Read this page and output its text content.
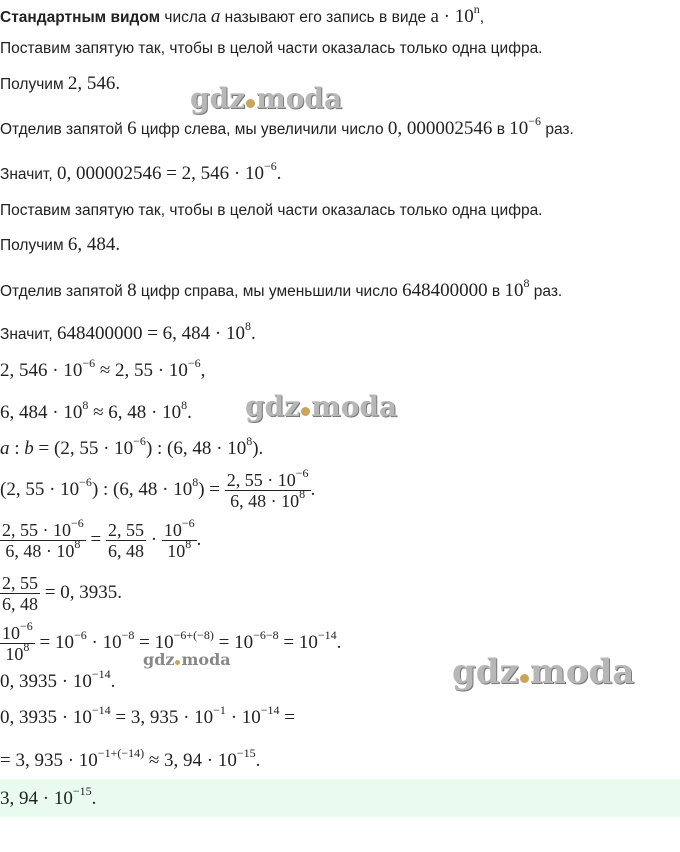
Стандартным видом числа a называют его запись в виде $a \cdot 10^n$,
Поставим запятую так, чтобы в целой части оказалась только одна цифра.
Получим 2, 546.
Отделив запятой 6 цифр слева, мы увеличили число 0, 000002546 в $10^{-6}$ раз.
Значит, 0, 000002546 = 2, $546 \cdot 10^{-6}$.
Поставим запятую так, чтобы в целой части оказалась только одна цифра.
Получим 6, 484.
Отделив запятой 8 цифр справа, мы уменьшили число 648400000 в $10^8$ раз.
Значит, 648400000 = 6, $484 \cdot 10^8$.
2, $546 \cdot 10^{-6} \approx 2$, $55 \cdot 10^{-6}$,
6, $484 \cdot 10^8 \approx 6$, $48 \cdot 10^8$.
a : b = (2, $55 \cdot 10^{-6}$) : (6, $48 \cdot 10^8$).
(2, $55 \cdot 10^{-6}$) : (6, $48 \cdot 10^8) = \frac{2, 55 \cdot 10^{-6}}{6, 48 \cdot 10^8}$ .
$\frac{2, 55 \cdot 10^{-6}}{6, 48 \cdot 10^8} = \frac{2, 55}{6, 48} \cdot \frac{10^{-6}}{10^8}$ .
$\frac{2, 55}{6, 48} = 0$, 3935.
$\frac{10^{-6}}{10^8} = 10^{-6} \cdot 10^{-8} = 10^{-6+(-8)} = 10^{-6-8} = 10^{-14}$.
0, $3935 \cdot 10^{-14}$.
0, $3935 \cdot 10^{-14} = 3$, $935 \cdot 10^{-1} \cdot 10^{-14}$ =
= 3, $935 \cdot 10^{-1+(-14)} \approx 3$, $94 \cdot 10^{-15}$.
3, $94 \cdot 10^{-15}$.
gdz moda
gdz moda
gdz moda	gdz moda
